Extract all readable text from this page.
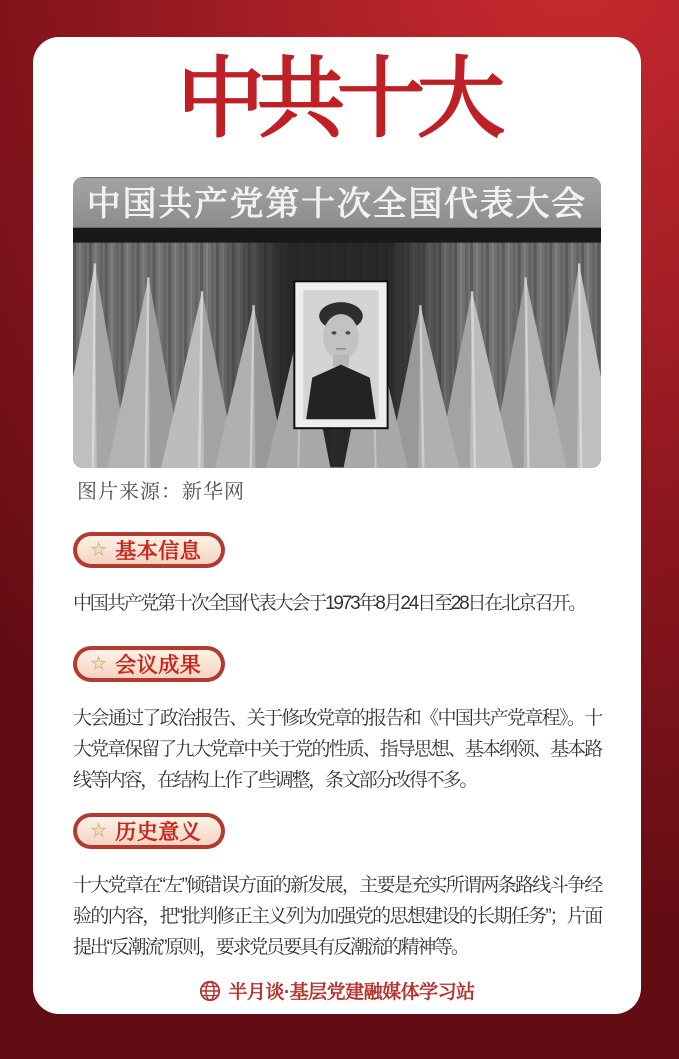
中共十大
中国共产党第十次全国代表大会

图片来源：新华网

★ 基本信息

中国共产党第十次全国代表大会于1973年8月24日至28日在北京召开。

★ 会议成果

大会通过了政治报告、关于修改党章的报告和《中国共产党章程》。十大党章保留了九大党章中关于党的性质、指导思想、基本纲领、基本路线等内容，在结构上作了些调整，条文部分改得不多。

★ 历史意义

十大党章在“左”倾错误方面的新发展，主要是充实所谓两条路线斗争经验的内容，把“批判修正主义列为加强党的思想建设的长期任务”；片面提出“反潮流”原则，要求党员要具有反潮流的精神等。

半月谈·基层党建融媒体学习站
